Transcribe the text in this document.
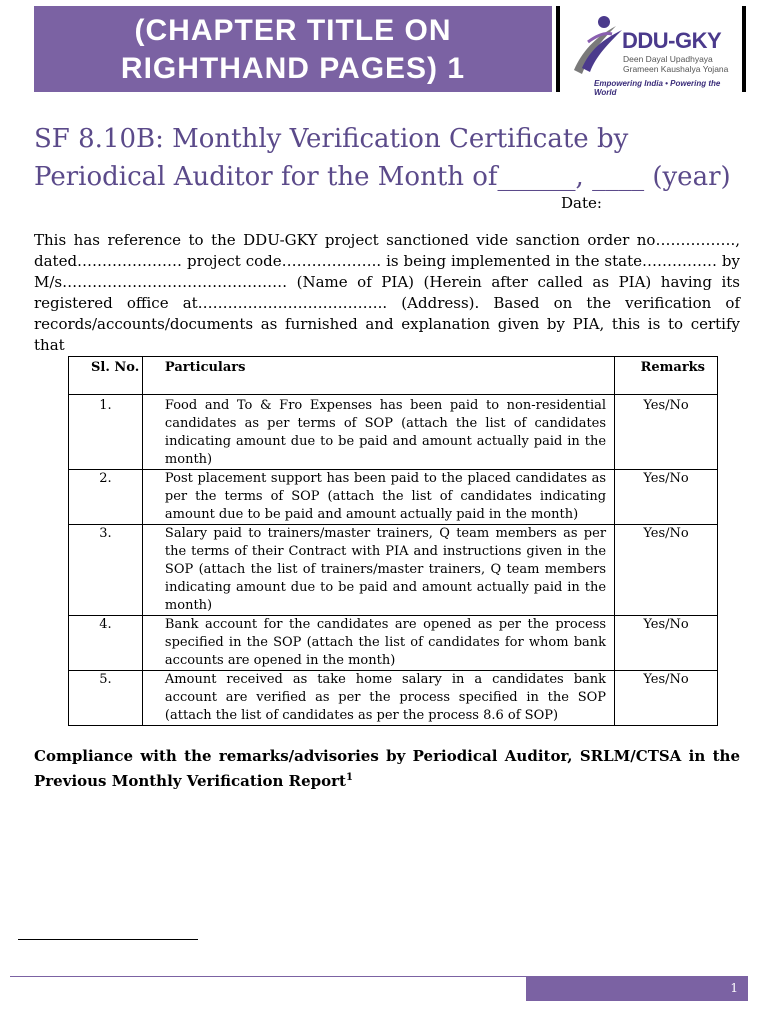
(CHAPTER TITLE ON
RIGHTHAND PAGES) 1
DDU-GKY
Deen Dayal Upadhyaya
Grameen Kaushalya Yojana
Empowering India • Powering the World
SF 8.10B: Monthly Verification Certificate by Periodical Auditor for the Month of______, ____ (year)
Date:
This has reference to the DDU-GKY project sanctioned vide sanction order no……………., dated………………… project code……………….. is being implemented in the state…………… by M/s……………………………………… (Name of PIA) (Herein after called as PIA) having its registered office at……………………………….. (Address). Based on the verification of records/accounts/documents as furnished and explanation given by PIA, this is to certify that
Sl. No.	Particulars	Remarks
1.	Food and To & Fro Expenses has been paid to non-residential candidates as per terms of SOP (attach the list of candidates indicating amount due to be paid and amount actually paid in the month)	Yes/No
2.	Post placement support has been paid to the placed candidates as per the terms of SOP (attach the list of candidates indicating amount due to be paid and amount actually paid in the month)	Yes/No
3.	Salary paid to trainers/master trainers, Q team members as per the terms of their Contract with PIA and instructions given in the SOP (attach the list of trainers/master trainers, Q team members indicating amount due to be paid and amount actually paid in the month)	Yes/No
4.	Bank account for the candidates are opened as per the process specified in the SOP (attach the list of candidates for whom bank accounts are opened in the month)	Yes/No
5.	Amount received as take home salary in a candidates bank account are verified as per the process specified in the SOP (attach the list of candidates as per the process 8.6 of SOP)	Yes/No
Compliance with the remarks/advisories by Periodical Auditor, SRLM/CTSA in the Previous Monthly Verification Report$^1$
1
